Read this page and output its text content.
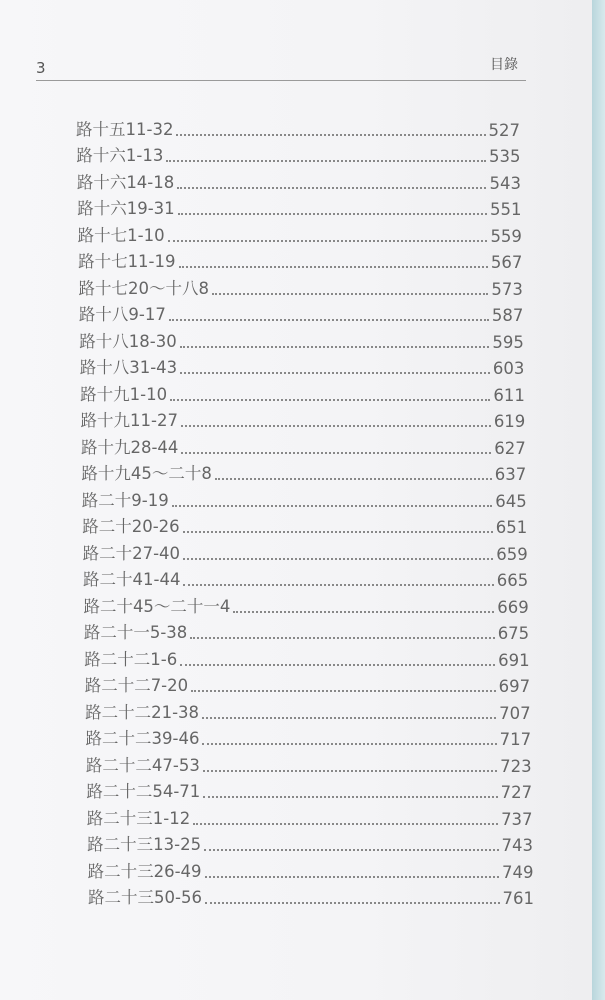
3	目錄
路十五11-32	527
路十六1-13	535
路十六14-18	543
路十六19-31	551
路十七1-10	559
路十七11-19	567
路十七20～十八8	573
路十八9-17	587
路十八18-30	595
路十八31-43	603
路十九1-10	611
路十九11-27	619
路十九28-44	627
路十九45～二十8	637
路二十9-19	645
路二十20-26	651
路二十27-40	659
路二十41-44	665
路二十45～二十一4	669
路二十一5-38	675
路二十二1-6	691
路二十二7-20	697
路二十二21-38	707
路二十二39-46	717
路二十二47-53	723
路二十二54-71	727
路二十三1-12	737
路二十三13-25	743
路二十三26-49	749
路二十三50-56	761
